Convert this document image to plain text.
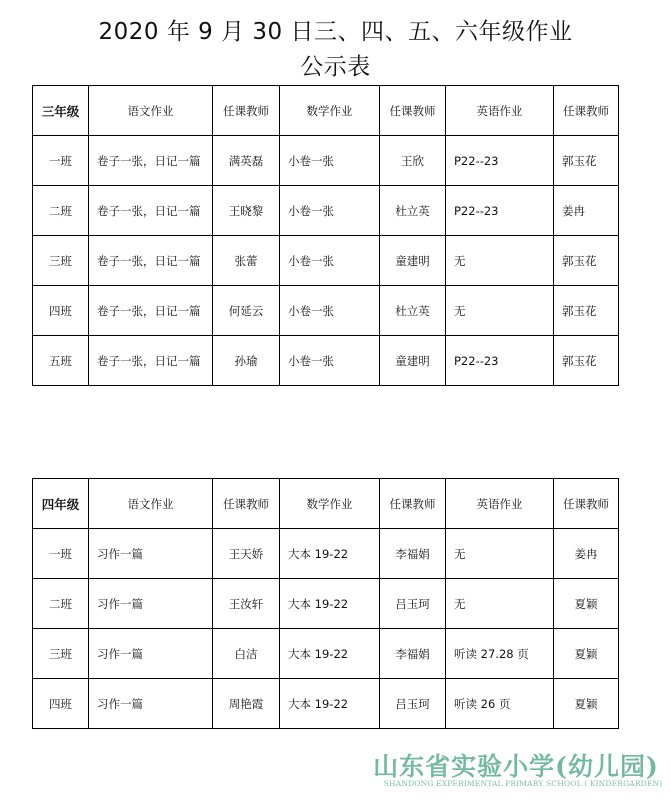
2020 年 9 月 30 日三、四、五、六年级作业
公示表
三年级	语文作业	任课教师	数学作业	任课教师	英语作业	任课教师
一班	卷子一张，日记一篇	满英磊	小卷一张	王欣	P22--23	郭玉花
二班	卷子一张，日记一篇	王晓黎	小卷一张	杜立英	P22--23	姜冉
三班	卷子一张，日记一篇	张蕾	小卷一张	童建明	无	郭玉花
四班	卷子一张，日记一篇	何延云	小卷一张	杜立英	无	郭玉花
五班	卷子一张，日记一篇	孙瑜	小卷一张	童建明	P22--23	郭玉花
四年级	语文作业	任课教师	数学作业	任课教师	英语作业	任课教师
一班	习作一篇	王天娇	大本 19-22	李福娟	无	姜冉
二班	习作一篇	王汝轩	大本 19-22	吕玉珂	无	夏颖
三班	习作一篇	白洁	大本 19-22	李福娟	听读 27.28 页	夏颖
四班	习作一篇	周艳霞	大本 19-22	吕玉珂	听读 26 页	夏颖
山东省实验小学(幼儿园)
SHANDONG EXPERIMENTAL PRIMARY SCHOOL ( KINDERGARDEN)
